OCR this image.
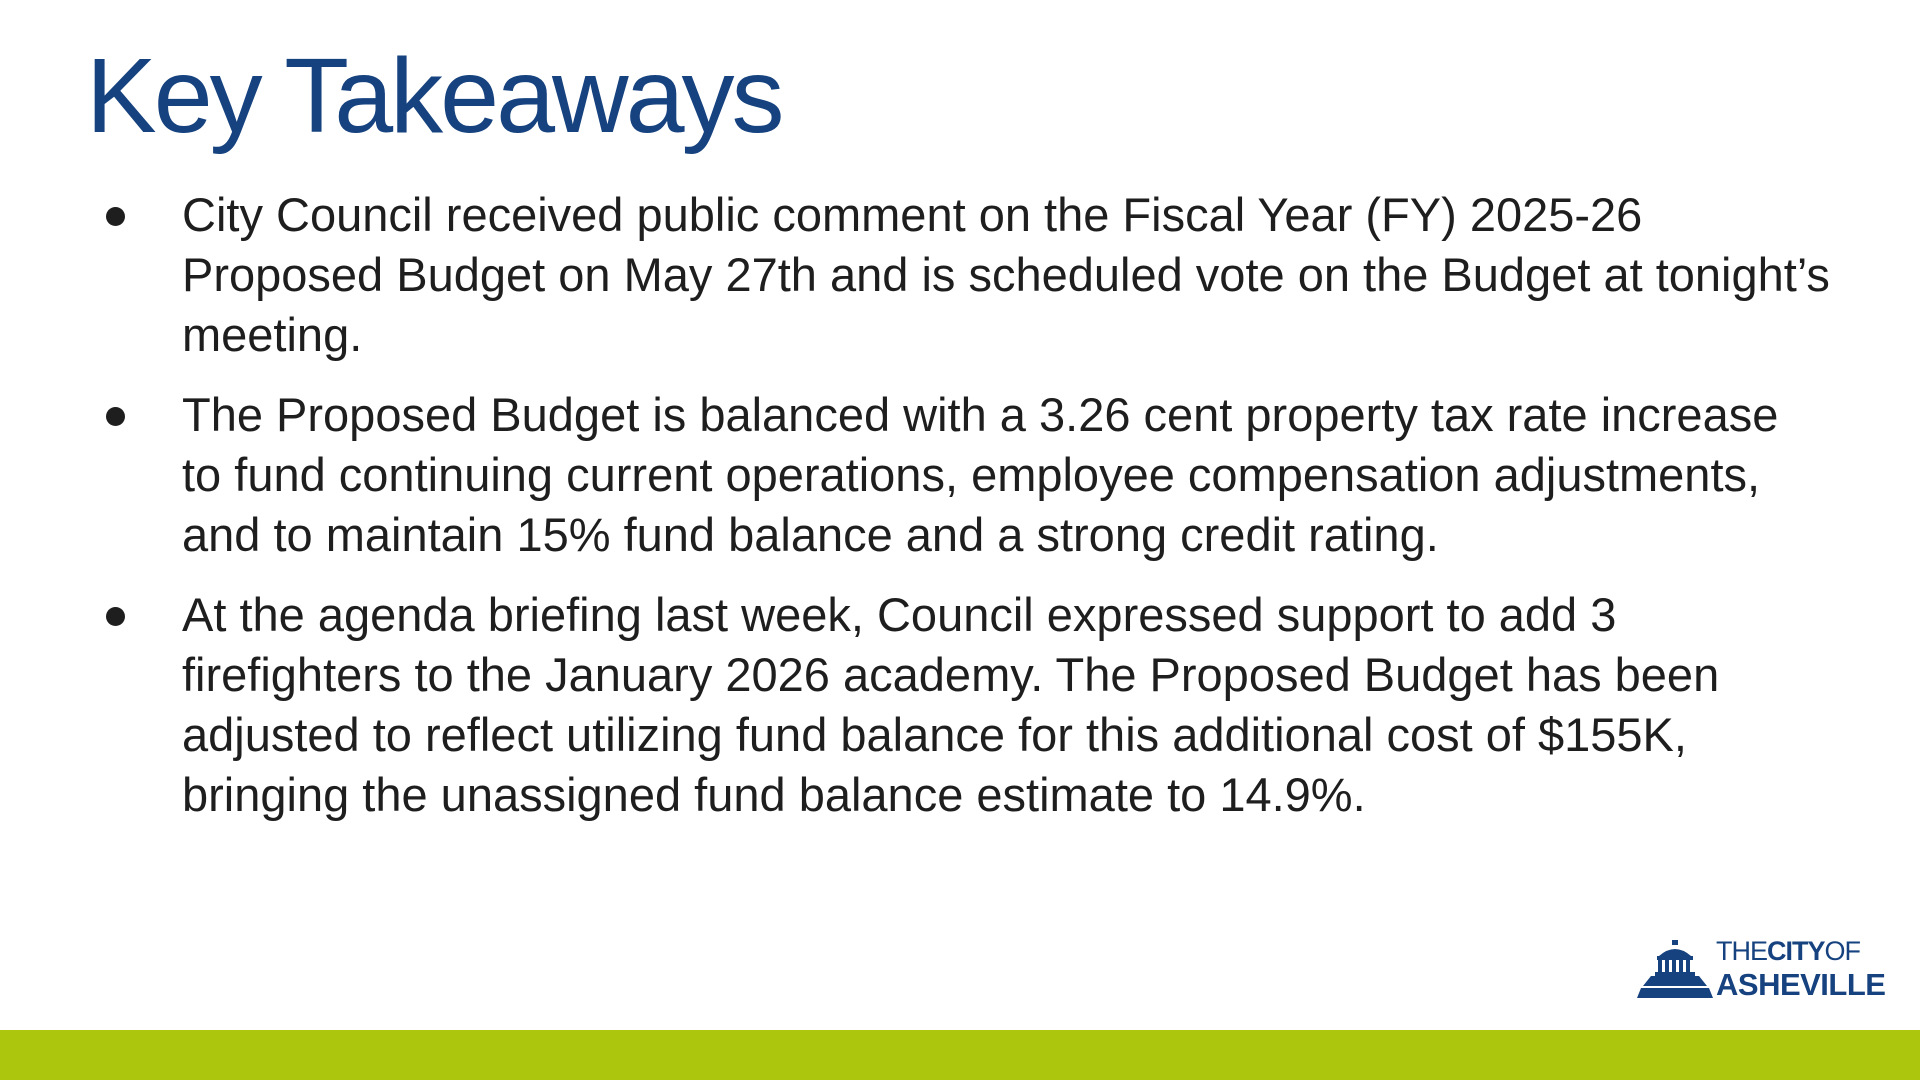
Key Takeaways
City Council received public comment on the Fiscal Year (FY) 2025-26 Proposed Budget on May 27th and is scheduled vote on the Budget at tonight’s meeting.
The Proposed Budget is balanced with a 3.26 cent property tax rate increase to fund continuing current operations, employee compensation adjustments, and to maintain 15% fund balance and a strong credit rating.
At the agenda briefing last week, Council expressed support to add 3 firefighters to the January 2026 academy. The Proposed Budget has been adjusted to reflect utilizing fund balance for this additional cost of $155K, bringing the unassigned fund balance estimate to 14.9%.
THECITYOF
ASHEVILLE
